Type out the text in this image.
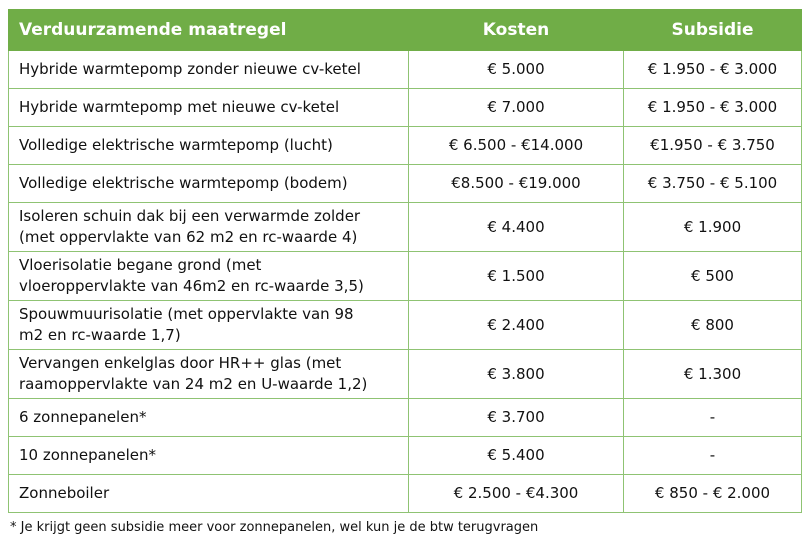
Verduurzamende maatregel	Kosten	Subsidie
Hybride warmtepomp zonder nieuwe cv-ketel	€ 5.000	€ 1.950 - € 3.000
Hybride warmtepomp met nieuwe cv-ketel	€ 7.000	€ 1.950 - € 3.000
Volledige elektrische warmtepomp (lucht)	€ 6.500 - €14.000	€1.950 - € 3.750
Volledige elektrische warmtepomp (bodem)	€8.500 - €19.000	€ 3.750 - € 5.100
Isoleren schuin dak bij een verwarmde zolder
(met oppervlakte van 62 m2 en rc-waarde 4)	€ 4.400	€ 1.900
Vloerisolatie begane grond (met
vloeroppervlakte van 46m2 en rc-waarde 3,5)	€ 1.500	€ 500
Spouwmuurisolatie (met oppervlakte van 98
m2 en rc-waarde 1,7)	€ 2.400	€ 800
Vervangen enkelglas door HR++ glas (met
raamoppervlakte van 24 m2 en U-waarde 1,2)	€ 3.800	€ 1.300
6 zonnepanelen*	€ 3.700	-
10 zonnepanelen*	€ 5.400	-
Zonneboiler	€ 2.500 - €4.300	€ 850 - € 2.000
* Je krijgt geen subsidie meer voor zonnepanelen, wel kun je de btw terugvragen
